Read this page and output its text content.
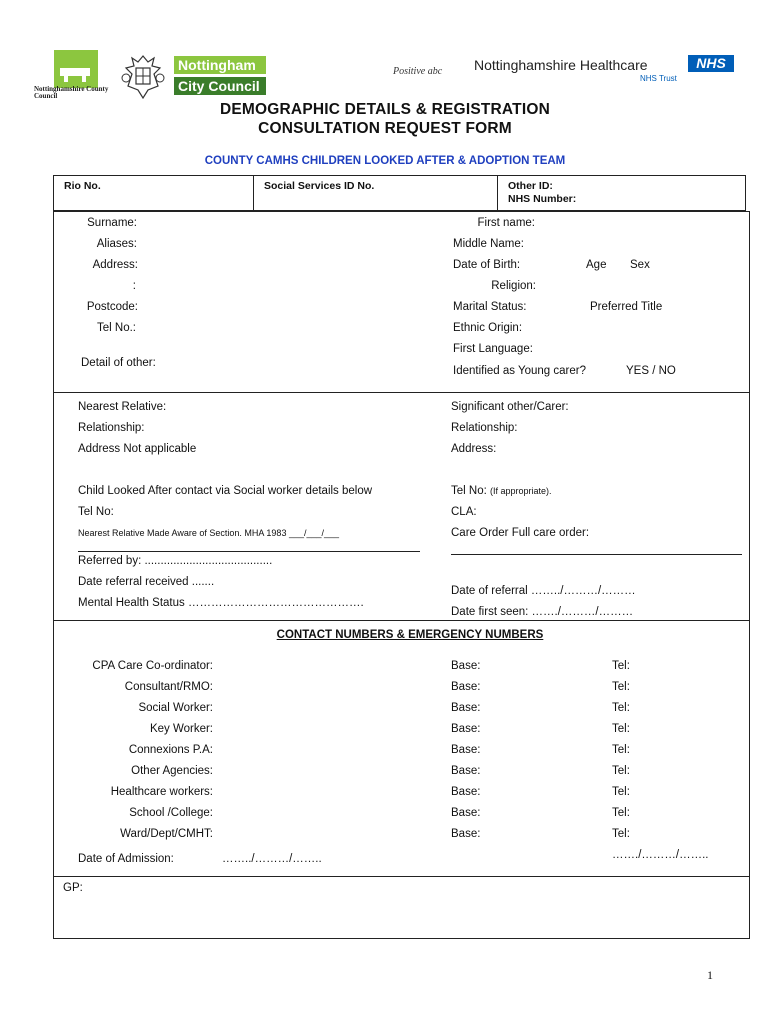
Nottinghamshire County Council
Nottingham
City Council
Positive abc Nottinghamshire Healthcare	NHS
NHS Trust
DEMOGRAPHIC DETAILS & REGISTRATION
CONSULTATION REQUEST FORM
COUNTY CAMHS CHILDREN LOOKED AFTER & ADOPTION TEAM
Rio No.	Social Services ID No.	Other ID:
NHS Number:
Surname:
Aliases:
Address:
:
Postcode:
Tel No.:
Detail of other:
First name:
Middle Name:
Date of Birth:	Age Sex
Religion:
Marital Status:	Preferred Title
Ethnic Origin:
First Language:
Identified as Young carer?	YES / NO
Nearest Relative:
Relationship:
Address Not applicable
Significant other/Carer:
Relationship:
Address:
Child Looked After contact via Social worker details below
Tel No:
Nearest Relative Made Aware of Section. MHA 1983 ___/___/___
Tel No: (If appropriate).
CLA:
Care Order Full care order:
Referred by: ........................................
Date referral received .......
Mental Health Status ……………………………………….
Date of referral ……../………/………
Date first seen: ……./………/………
CONTACT NUMBERS & EMERGENCY NUMBERS
CPA Care Co-ordinator:	Base:	Tel:
Consultant/RMO:	Base:	Tel:
Social Worker:	Base:	Tel:
Key Worker:	Base:	Tel:
Connexions P.A:	Base:	Tel:
Other Agencies:	Base:	Tel:
Healthcare workers:	Base:	Tel:
School /College:	Base:	Tel:
Ward/Dept/CMHT:	Base:	Tel:
Date of Admission:	……../………/……..	……./………/……..
GP:
1
